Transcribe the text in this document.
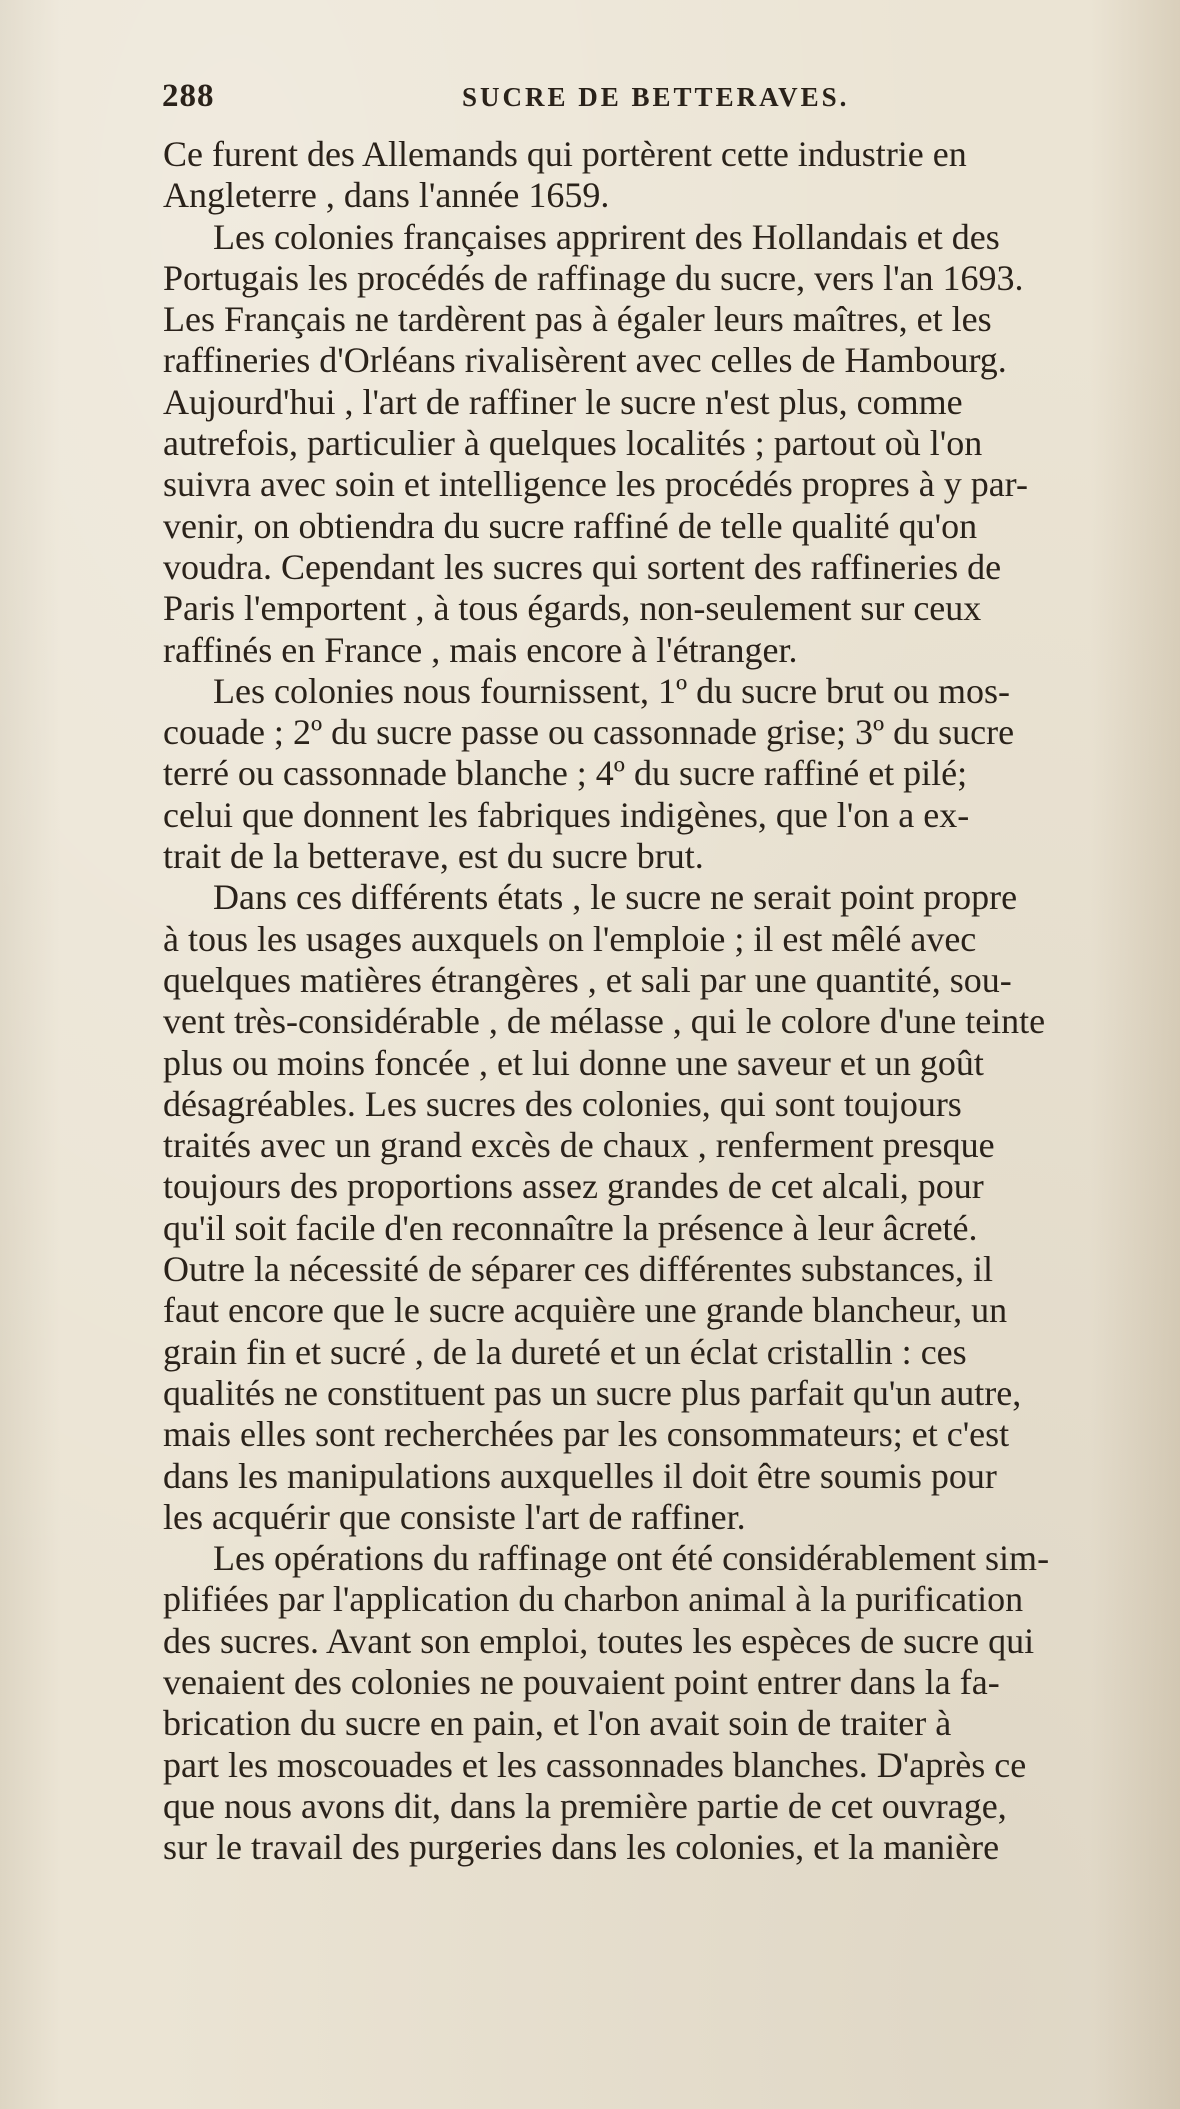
288	SUCRE DE BETTERAVES.
Ce furent des Allemands qui portèrent cette industrie en
Angleterre , dans l'année 1659.
Les colonies françaises apprirent des Hollandais et des
Portugais les procédés de raffinage du sucre, vers l'an 1693.
Les Français ne tardèrent pas à égaler leurs maîtres, et les
raffineries d'Orléans rivalisèrent avec celles de Hambourg.
Aujourd'hui , l'art de raffiner le sucre n'est plus, comme
autrefois, particulier à quelques localités ; partout où l'on
suivra avec soin et intelligence les procédés propres à y par-
venir, on obtiendra du sucre raffiné de telle qualité qu'on
voudra. Cependant les sucres qui sortent des raffineries de
Paris l'emportent , à tous égards, non-seulement sur ceux
raffinés en France , mais encore à l'étranger.
Les colonies nous fournissent, 1º du sucre brut ou mos-
couade ; 2º du sucre passe ou cassonnade grise; 3º du sucre
terré ou cassonnade blanche ; 4º du sucre raffiné et pilé;
celui que donnent les fabriques indigènes, que l'on a ex-
trait de la betterave, est du sucre brut.
Dans ces différents états , le sucre ne serait point propre
à tous les usages auxquels on l'emploie ; il est mêlé avec
quelques matières étrangères , et sali par une quantité, sou-
vent très-considérable , de mélasse , qui le colore d'une teinte
plus ou moins foncée , et lui donne une saveur et un goût
désagréables. Les sucres des colonies, qui sont toujours
traités avec un grand excès de chaux , renferment presque
toujours des proportions assez grandes de cet alcali, pour
qu'il soit facile d'en reconnaître la présence à leur âcreté.
Outre la nécessité de séparer ces différentes substances, il
faut encore que le sucre acquière une grande blancheur, un
grain fin et sucré , de la dureté et un éclat cristallin : ces
qualités ne constituent pas un sucre plus parfait qu'un autre,
mais elles sont recherchées par les consommateurs; et c'est
dans les manipulations auxquelles il doit être soumis pour
les acquérir que consiste l'art de raffiner.
Les opérations du raffinage ont été considérablement sim-
plifiées par l'application du charbon animal à la purification
des sucres. Avant son emploi, toutes les espèces de sucre qui
venaient des colonies ne pouvaient point entrer dans la fa-
brication du sucre en pain, et l'on avait soin de traiter à
part les moscouades et les cassonnades blanches. D'après ce
que nous avons dit, dans la première partie de cet ouvrage,
sur le travail des purgeries dans les colonies, et la manière
